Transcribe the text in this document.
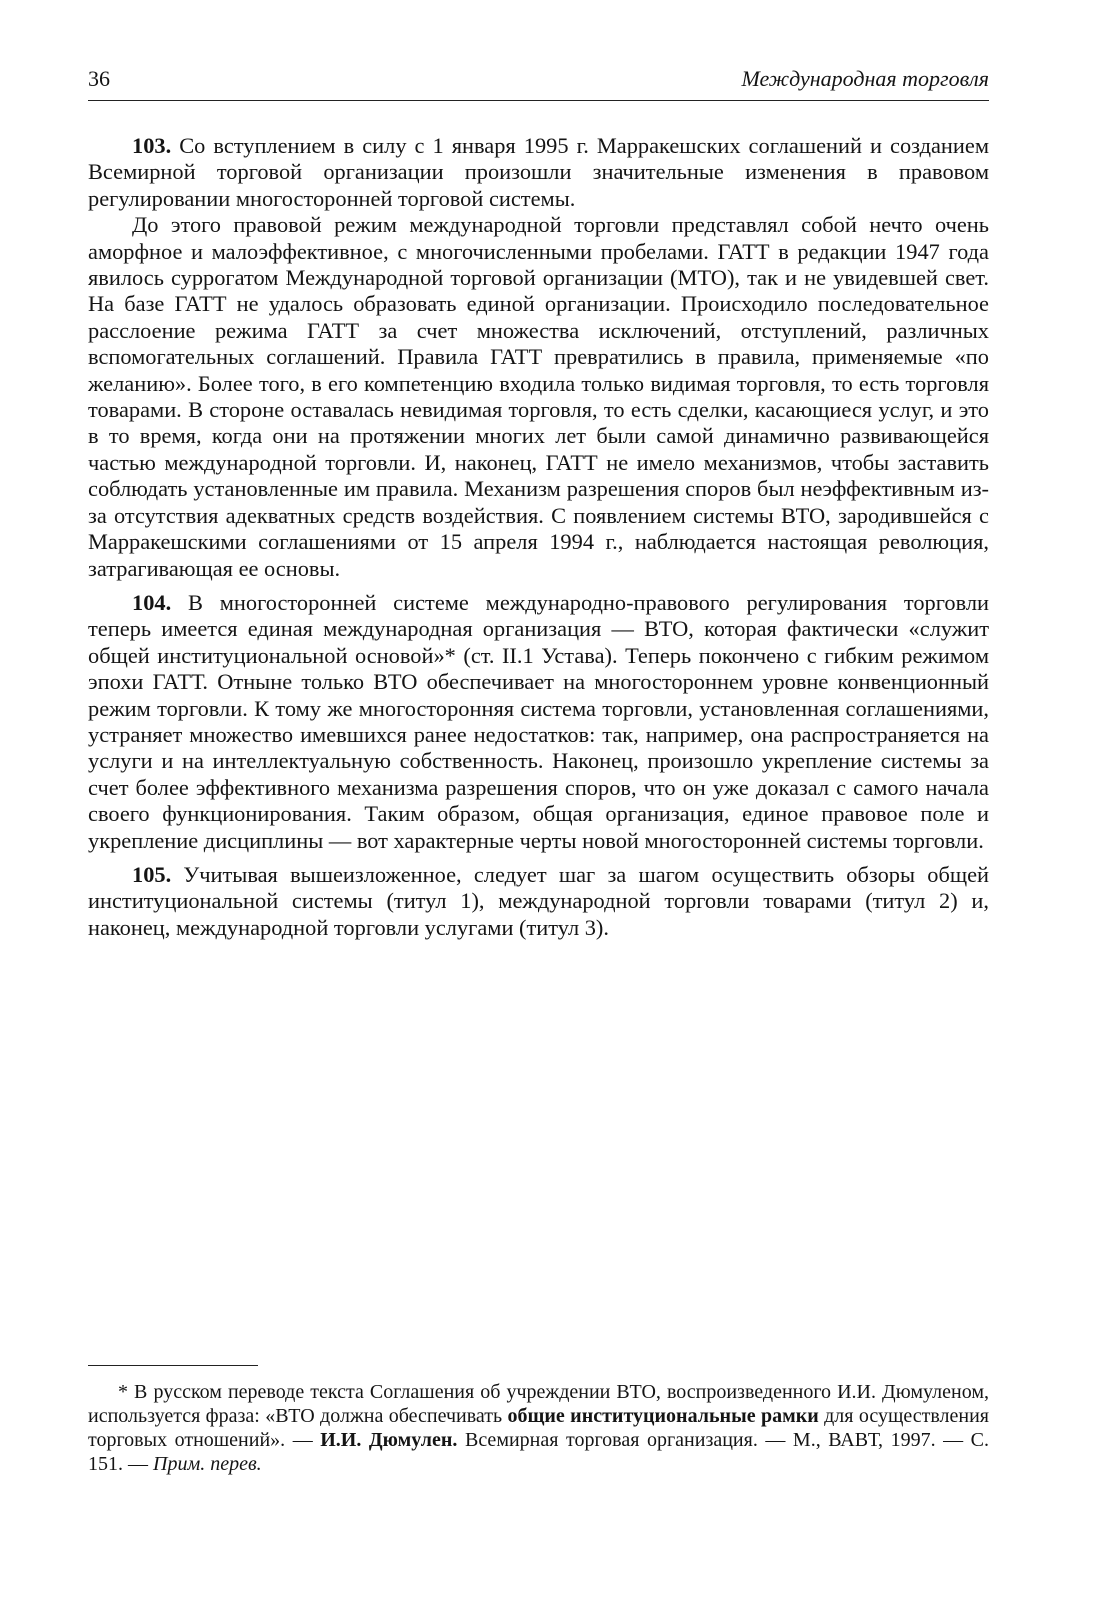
36	Международная торговля

103. Со вступлением в силу с 1 января 1995 г. Марракешских соглашений и созданием Всемирной торговой организации произошли значительные изменения в правовом регулировании многосторонней торговой системы.

До этого правовой режим международной торговли представлял собой нечто очень аморфное и малоэффективное, с многочисленными пробелами. ГАТТ в редакции 1947 года явилось суррогатом Международной торговой организации (МТО), так и не увидевшей свет. На базе ГАТТ не удалось образовать единой организации. Происходило последовательное расслоение режима ГАТТ за счет множества исключений, отступлений, различных вспомогательных соглашений. Правила ГАТТ превратились в правила, применяемые «по желанию». Более того, в его компетенцию входила только видимая торговля, то есть торговля товарами. В стороне оставалась невидимая торговля, то есть сделки, касающиеся услуг, и это в то время, когда они на протяжении многих лет были самой динамично развивающейся частью международной торговли. И, наконец, ГАТТ не имело механизмов, чтобы заставить соблюдать установленные им правила. Механизм разрешения споров был неэффективным из-за отсутствия адекватных средств воздействия. С появлением системы ВТО, зародившейся с Марракешскими соглашениями от 15 апреля 1994 г., наблюдается настоящая революция, затрагивающая ее основы.

104. В многосторонней системе международно-правового регулирования торговли теперь имеется единая международная организация — ВТО, которая фактически «служит общей институциональной основой»* (ст. II.1 Устава). Теперь покончено с гибким режимом эпохи ГАТТ. Отныне только ВТО обеспечивает на многостороннем уровне конвенционный режим торговли. К тому же многосторонняя система торговли, установленная соглашениями, устраняет множество имевшихся ранее недостатков: так, например, она распространяется на услуги и на интеллектуальную собственность. Наконец, произошло укрепление системы за счет более эффективного механизма разрешения споров, что он уже доказал с самого начала своего функционирования. Таким образом, общая организация, единое правовое поле и укрепление дисциплины — вот характерные черты новой многосторонней системы торговли.

105. Учитывая вышеизложенное, следует шаг за шагом осуществить обзоры общей институциональной системы (титул 1), международной торговли товарами (титул 2) и, наконец, международной торговли услугами (титул 3).

* В русском переводе текста Соглашения об учреждении ВТО, воспроизведенного И.И. Дюмуленом, используется фраза: «ВТО должна обеспечивать общие институциональные рамки для осуществления торговых отношений». — И.И. Дюмулен. Всемирная торговая организация. — М., ВАВТ, 1997. — С. 151. — Прим. перев.
